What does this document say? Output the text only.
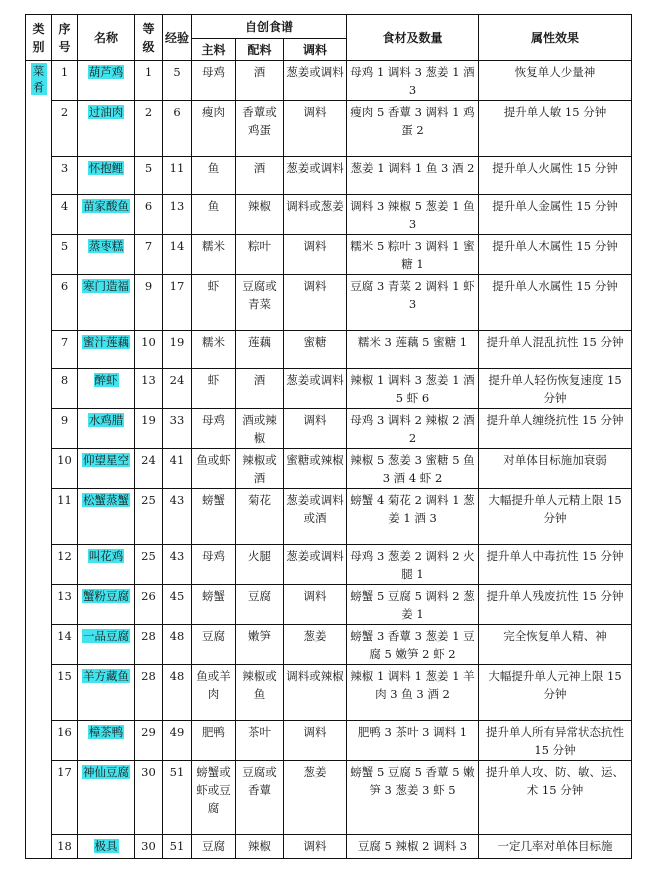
类别	序号	名称	等级	经验	自创食谱			食材及数量	属性效果
					主料	配料	调料		
菜肴	1	葫芦鸡	1	5	母鸡	酒	葱姜或调料	母鸡 1 调料 3 葱姜 1 酒 3	恢复单人少量神
	2	过油肉	2	6	瘦肉	香蕈或鸡蛋	调料	瘦肉 5 香蕈 3 调料 1 鸡蛋 2	提升单人敏 15 分钟
	3	怀抱鲤	5	11	鱼	酒	葱姜或调料	葱姜 1 调料 1 鱼 3 酒 2	提升单人火属性 15 分钟
	4	苗家酸鱼	6	13	鱼	辣椒	调料或葱姜	调料 3 辣椒 5 葱姜 1 鱼 3	提升单人金属性 15 分钟
	5	蒸枣糕	7	14	糯米	粽叶	调料	糯米 5 粽叶 3 调料 1 蜜糖 1	提升单人木属性 15 分钟
	6	寒门造福	9	17	虾	豆腐或青菜	调料	豆腐 3 青菜 2 调料 1 虾 3	提升单人水属性 15 分钟
	7	蜜汁莲藕	10	19	糯米	莲藕	蜜糖	糯米 3 莲藕 5 蜜糖 1	提升单人混乱抗性 15 分钟
	8	醉虾	13	24	虾	酒	葱姜或调料	辣椒 1 调料 3 葱姜 1 酒 5 虾 6	提升单人轻伤恢复速度 15 分钟
	9	水鸡腊	19	33	母鸡	酒或辣椒	调料	母鸡 3 调料 2 辣椒 2 酒 2	提升单人缠绕抗性 15 分钟
	10	仰望星空	24	41	鱼或虾	辣椒或酒	蜜糖或辣椒	辣椒 5 葱姜 3 蜜糖 5 鱼 3 酒 4 虾 2	对单体目标施加衰弱
	11	松蟹蒸蟹	25	43	螃蟹	菊花	葱姜或调料或酒	螃蟹 4 菊花 2 调料 1 葱姜 1 酒 3	大幅提升单人元精上限 15 分钟
	12	叫花鸡	25	43	母鸡	火腿	葱姜或调料	母鸡 3 葱姜 2 调料 2 火腿 1	提升单人中毒抗性 15 分钟
	13	蟹粉豆腐	26	45	螃蟹	豆腐	调料	螃蟹 5 豆腐 5 调料 2 葱姜 1	提升单人残废抗性 15 分钟
	14	一品豆腐	28	48	豆腐	嫩笋	葱姜	螃蟹 3 香蕈 3 葱姜 1 豆腐 5 嫩笋 2 虾 2	完全恢复单人精、神
	15	羊方藏鱼	28	48	鱼或羊肉	辣椒或鱼	调料或辣椒	辣椒 1 调料 1 葱姜 1 羊肉 3 鱼 3 酒 2	大幅提升单人元神上限 15 分钟
	16	樟茶鸭	29	49	肥鸭	茶叶	调料	肥鸭 3 茶叶 3 调料 1	提升单人所有异常状态抗性 15 分钟
	17	神仙豆腐	30	51	螃蟹或虾或豆腐	豆腐或香蕈	葱姜	螃蟹 5 豆腐 5 香蕈 5 嫩笋 3 葱姜 3 虾 5	提升单人攻、防、敏、运、术 15 分钟
	18	极具	30	51	豆腐	辣椒	调料	豆腐 5 辣椒 2 调料 3	一定几率对单体目标施
